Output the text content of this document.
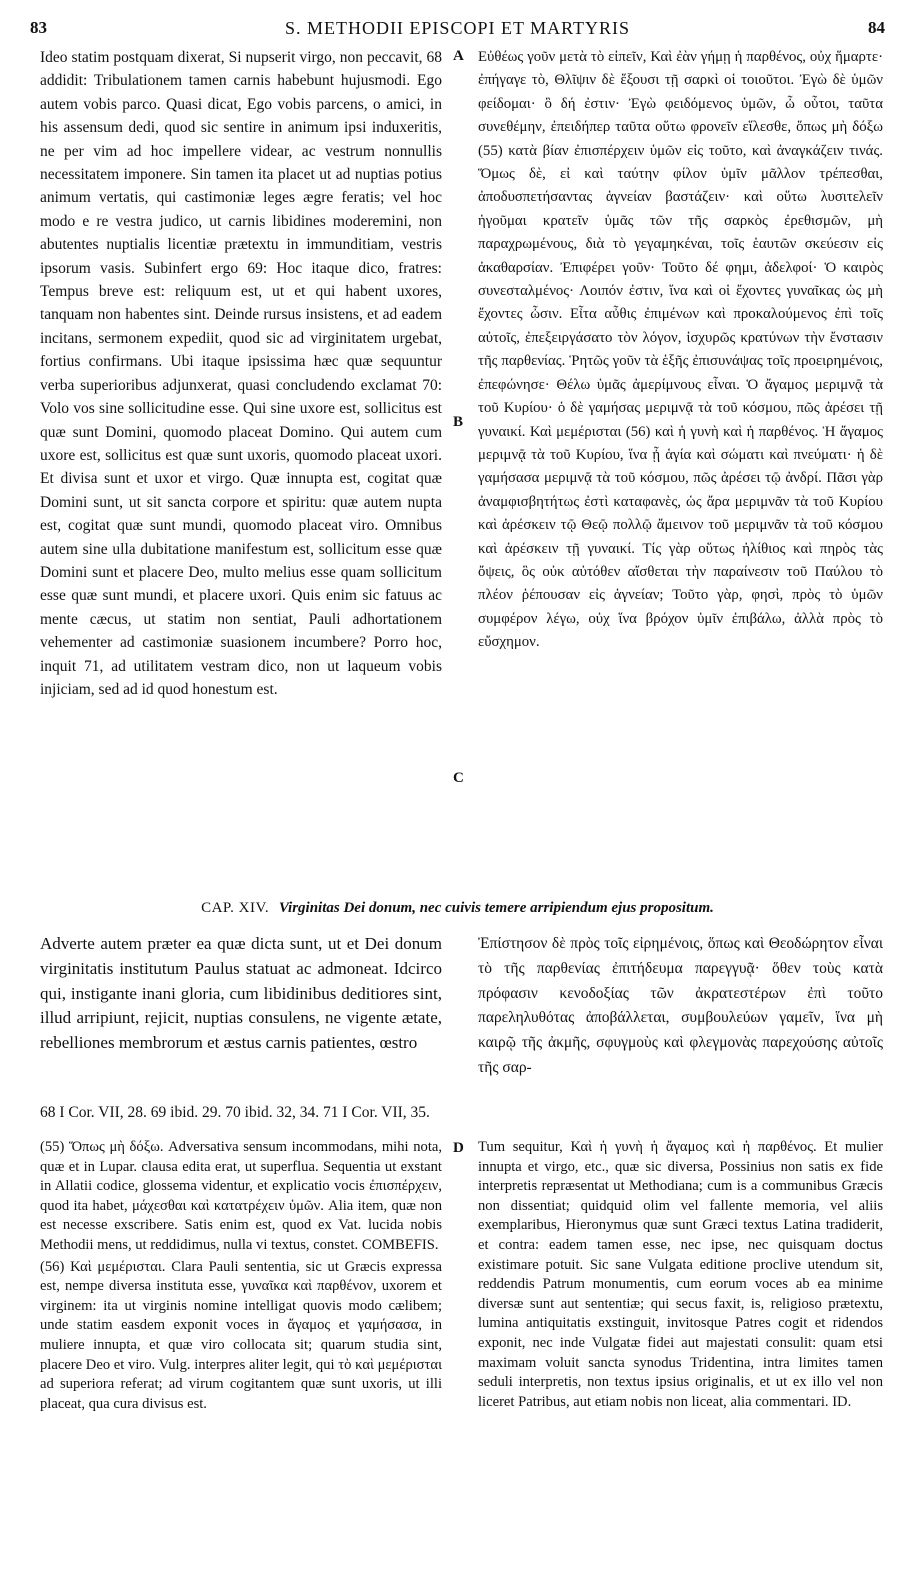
83	S. METHODII EPISCOPI ET MARTYRIS	84
A
B
C
D

Ideo statim postquam dixerat, Si nupserit virgo, non peccavit, 68 addidit: Tribulationem tamen carnis habebunt hujusmodi. Ego autem vobis parco. Quasi dicat, Ego vobis parcens, o amici, in his assensum dedi, quod sic sentire in animum ipsi induxeritis, ne per vim ad hoc impellere videar, ac vestrum nonnullis necessitatem imponere. Sin tamen ita placet ut ad nuptias potius animum vertatis, qui castimoniæ leges ægre feratis; vel hoc modo e re vestra judico, ut carnis libidines moderemini, non abutentes nuptialis licentiæ prætextu in immunditiam, vestris ipsorum vasis. Subinfert ergo 69: Hoc itaque dico, fratres: Tempus breve est: reliquum est, ut et qui habent uxores, tanquam non habentes sint. Deinde rursus insistens, et ad eadem incitans, sermonem expediit, quod sic ad virginitatem urgebat, fortius confirmans. Ubi itaque ipsissima hæc quæ sequuntur verba superioribus adjunxerat, quasi concludendo exclamat 70: Volo vos sine sollicitudine esse. Qui sine uxore est, sollicitus est quæ sunt Domini, quomodo placeat Domino. Qui autem cum uxore est, sollicitus est quæ sunt uxoris, quomodo placeat uxori. Et divisa sunt et uxor et virgo. Quæ innupta est, cogitat quæ Domini sunt, ut sit sancta corpore et spiritu: quæ autem nupta est, cogitat quæ sunt mundi, quomodo placeat viro. Omnibus autem sine ulla dubitatione manifestum est, sollicitum esse quæ Domini sunt et placere Deo, multo melius esse quam sollicitum esse quæ sunt mundi, et placere uxori. Quis enim sic fatuus ac mente cæcus, ut statim non sentiat, Pauli adhortationem vehementer ad castimoniæ suasionem incumbere? Porro hoc, inquit 71, ad utilitatem vestram dico, non ut laqueum vobis injiciam, sed ad id quod honestum est.

Εὐθέως γοῦν μετὰ τὸ εἰπεῖν, Καὶ ἐὰν γήμῃ ἡ παρθένος, οὐχ ἥμαρτε· ἐπήγαγε τὸ, Θλῖψιν δὲ ἕξουσι τῇ σαρκὶ οἱ τοιοῦτοι. Ἐγὼ δὲ ὑμῶν φείδομαι· ὃ δή ἐστιν· Ἐγὼ φειδόμενος ὑμῶν, ὦ οὗτοι, ταῦτα συνεθέμην, ἐπειδήπερ ταῦτα οὕτω φρονεῖν εἵλεσθε, ὅπως μὴ δόξω (55) κατὰ βίαν ἐπισπέρχειν ὑμῶν εἰς τοῦτο, καὶ ἀναγκάζειν τινάς. Ὅμως δὲ, εἰ καὶ ταύτην φίλον ὑμῖν μᾶλλον τρέπεσθαι, ἀποδυσπετήσαντας ἁγνείαν βαστάζειν· καὶ οὕτω λυσιτελεῖν ἡγοῦμαι κρατεῖν ὑμᾶς τῶν τῆς σαρκὸς ἐρεθισμῶν, μὴ παραχρωμένους, διὰ τὸ γεγαμηκέναι, τοῖς ἑαυτῶν σκεύεσιν εἰς ἀκαθαρσίαν. Ἐπιφέρει γοῦν· Τοῦτο δέ φημι, ἀδελφοί· Ὁ καιρὸς συνεσταλμένος· Λοιπόν ἐστιν, ἵνα καὶ οἱ ἔχοντες γυναῖκας ὡς μὴ ἔχοντες ὦσιν. Εἶτα αὖθις ἐπιμένων καὶ προκαλούμενος ἐπὶ τοῖς αὐτοῖς, ἐπεξειργάσατο τὸν λόγον, ἰσχυρῶς κρατύνων τὴν ἔνστασιν τῆς παρθενίας. Ῥητῶς γοῦν τὰ ἑξῆς ἐπισυνάψας τοῖς προειρημένοις, ἐπεφώνησε· Θέλω ὑμᾶς ἀμερίμνους εἶναι. Ὁ ἄγαμος μεριμνᾷ τὰ τοῦ Κυρίου· ὁ δὲ γαμήσας μεριμνᾷ τὰ τοῦ κόσμου, πῶς ἀρέσει τῇ γυναικί. Καὶ μεμέρισται (56) καὶ ἡ γυνὴ καὶ ἡ παρθένος. Ἡ ἄγαμος μεριμνᾷ τὰ τοῦ Κυρίου, ἵνα ᾖ ἁγία καὶ σώματι καὶ πνεύματι· ἡ δὲ γαμήσασα μεριμνᾷ τὰ τοῦ κόσμου, πῶς ἀρέσει τῷ ἀνδρί. Πᾶσι γὰρ ἀναμφισβητήτως ἐστὶ καταφανὲς, ὡς ἄρα μεριμνᾶν τὰ τοῦ Κυρίου καὶ ἀρέσκειν τῷ Θεῷ πολλῷ ἄμεινον τοῦ μεριμνᾶν τὰ τοῦ κόσμου καὶ ἀρέσκειν τῇ γυναικί. Τίς γὰρ οὕτως ἠλίθιος καὶ πηρὸς τὰς ὄψεις, ὃς οὐκ αὐτόθεν αἴσθεται τὴν παραίνεσιν τοῦ Παύλου τὸ πλέον ῥέπουσαν εἰς ἁγνείαν; Τοῦτο γὰρ, φησὶ, πρὸς τὸ ὑμῶν συμφέρον λέγω, οὐχ ἵνα βρόχον ὑμῖν ἐπιβάλω, ἀλλὰ πρὸς τὸ εὔσχημον.

CAP. XIV. Virginitas Dei donum, nec cuivis temere arripiendum ejus propositum.

Adverte autem præter ea quæ dicta sunt, ut et Dei donum virginitatis institutum Paulus statuat ac admoneat. Idcirco qui, instigante inani gloria, cum libidinibus deditiores sint, illud arripiunt, rejicit, nuptias consulens, ne vigente ætate, rebelliones membrorum et æstus carnis patientes, œstro

Ἐπίστησον δὲ πρὸς τοῖς εἰρημένοις, ὅπως καὶ Θεοδώρητον εἶναι τὸ τῆς παρθενίας ἐπιτήδευμα παρεγγυᾷ· ὅθεν τοὺς κατὰ πρόφασιν κενοδοξίας τῶν ἀκρατεστέρων ἐπὶ τοῦτο παρεληλυθότας ἀποβάλλεται, συμβουλεύων γαμεῖν, ἵνα μὴ καιρῷ τῆς ἀκμῆς, σφυγμοὺς καὶ φλεγμονὰς παρεχούσης αὐτοῖς τῆς σαρ-

68 I Cor. VII, 28. 69 ibid. 29. 70 ibid. 32, 34. 71 I Cor. VII, 35.

(55) Ὅπως μὴ δόξω. Adversativa sensum incommodans, mihi nota, quæ et in Lupar. clausa edita erat, ut superflua. Sequentia ut exstant in Allatii codice, glossema videntur, et explicatio vocis ἐπισπέρχειν, quod ita habet, μάχεσθαι καὶ κατατρέχειν ὑμῶν. Alia item, quæ non est necesse exscribere. Satis enim est, quod ex Vat. lucida nobis Methodii mens, ut reddidimus, nulla vi textus, constet. COMBEFIS.

(56) Καὶ μεμέρισται. Clara Pauli sententia, sic ut Græcis expressa est, nempe diversa instituta esse, γυναῖκα καὶ παρθένον, uxorem et virginem: ita ut virginis nomine intelligat quovis modo cælibem; unde statim easdem exponit voces in ἄγαμος et γαμήσασα, in muliere innupta, et quæ viro collocata sit; quarum studia sint, placere Deo et viro. Vulg. interpres aliter legit, qui τὸ καὶ μεμέρισται ad superiora referat; ad virum cogitantem quæ sunt uxoris, ut illi placeat, qua cura divisus est.

Tum sequitur, Καὶ ἡ γυνὴ ἡ ἄγαμος καὶ ἡ παρθένος. Et mulier innupta et virgo, etc., quæ sic diversa, Possinius non satis ex fide interpretis repræsentat ut Methodiana; cum is a communibus Græcis non dissentiat; quidquid olim vel fallente memoria, vel aliis exemplaribus, Hieronymus quæ sunt Græci textus Latina tradiderit, et contra: eadem tamen esse, nec ipse, nec quisquam doctus existimare potuit. Sic sane Vulgata editione proclive utendum sit, reddendis Patrum monumentis, cum eorum voces ab ea minime diversæ sunt aut sententiæ; qui secus faxit, is, religioso prætextu, lumina antiquitatis exstinguit, invitosque Patres cogit et ridendos exponit, nec inde Vulgatæ fidei aut majestati consulit: quam etsi maximam voluit sancta synodus Tridentina, intra limites tamen seduli interpretis, non textus ipsius originalis, et ut ex illo vel non liceret Patribus, aut etiam nobis non liceat, alia commentari. ID.
